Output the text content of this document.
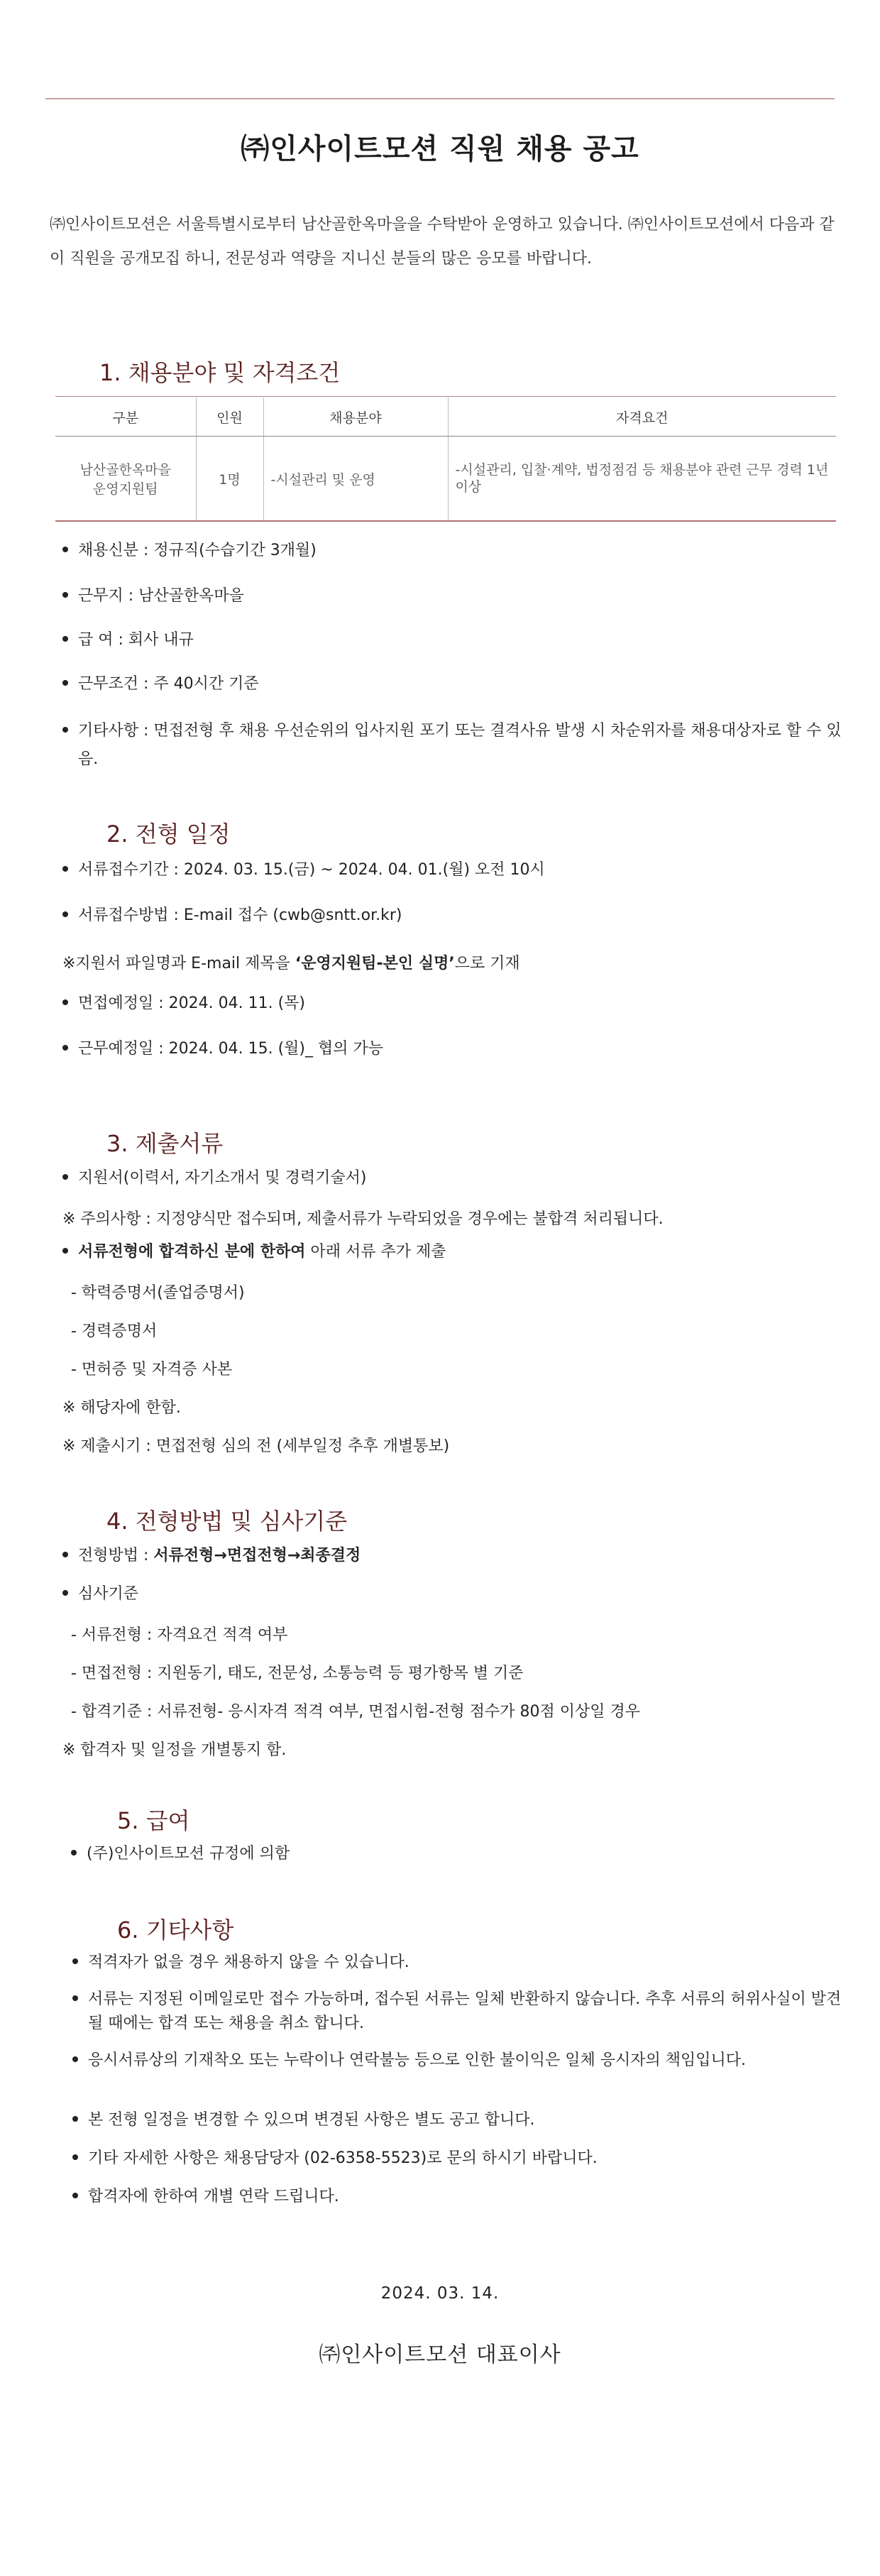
㈜인사이트모션 직원 채용 공고
㈜인사이트모션은 서울특별시로부터 남산골한옥마을을 수탁받아 운영하고 있습니다. ㈜인사이트모션에서 다음과 같이 직원을 공개모집 하니, 전문성과 역량을 지니신 분들의 많은 응모를 바랍니다.
1. 채용분야 및 자격조건
구분	인원	채용분야	자격요건
남산골한옥마을 운영지원팀	1명	-시설관리 및 운영	-시설관리, 입찰·계약, 법정점검 등 채용분야 관련 근무 경력 1년 이상
채용신분 : 정규직(수습기간 3개월)
근무지 : 남산골한옥마을
급 여 : 회사 내규
근무조건 : 주 40시간 기준
기타사항 : 면접전형 후 채용 우선순위의 입사지원 포기 또는 결격사유 발생 시 차순위자를 채용대상자로 할 수 있음.
2. 전형 일정
서류접수기간 : 2024. 03. 15.(금) ~ 2024. 04. 01.(월) 오전 10시
서류접수방법 : E-mail 접수 (cwb@sntt.or.kr)
※지원서 파일명과 E-mail 제목을 ‘운영지원팀-본인 실명’으로 기재
면접예정일 : 2024. 04. 11. (목)
근무예정일 : 2024. 04. 15. (월)_ 협의 가능
3. 제출서류
지원서(이력서, 자기소개서 및 경력기술서)
※ 주의사항 : 지정양식만 접수되며, 제출서류가 누락되었을 경우에는 불합격 처리됩니다.
서류전형에 합격하신 분에 한하여 아래 서류 추가 제출
- 학력증명서(졸업증명서)
- 경력증명서
- 면허증 및 자격증 사본
※ 해당자에 한함.
※ 제출시기 : 면접전형 심의 전 (세부일정 추후 개별통보)
4. 전형방법 및 심사기준
전형방법 : 서류전형→면접전형→최종결정
심사기준
- 서류전형 : 자격요건 적격 여부
- 면접전형 : 지원동기, 태도, 전문성, 소통능력 등 평가항목 별 기준
- 합격기준 : 서류전형- 응시자격 적격 여부, 면접시험-전형 점수가 80점 이상일 경우
※ 합격자 및 일정을 개별통지 함.
5. 급여
(주)인사이트모션 규정에 의함
6. 기타사항
적격자가 없을 경우 채용하지 않을 수 있습니다.
서류는 지정된 이메일로만 접수 가능하며, 접수된 서류는 일체 반환하지 않습니다. 추후 서류의 허위사실이 발견 될 때에는 합격 또는 채용을 취소 합니다.
응시서류상의 기재착오 또는 누락이나 연락불능 등으로 인한 불이익은 일체 응시자의 책임입니다.
본 전형 일정을 변경할 수 있으며 변경된 사항은 별도 공고 합니다.
기타 자세한 사항은 채용담당자 (02-6358-5523)로 문의 하시기 바랍니다.
합격자에 한하여 개별 연락 드립니다.
2024. 03. 14.
㈜인사이트모션 대표이사
